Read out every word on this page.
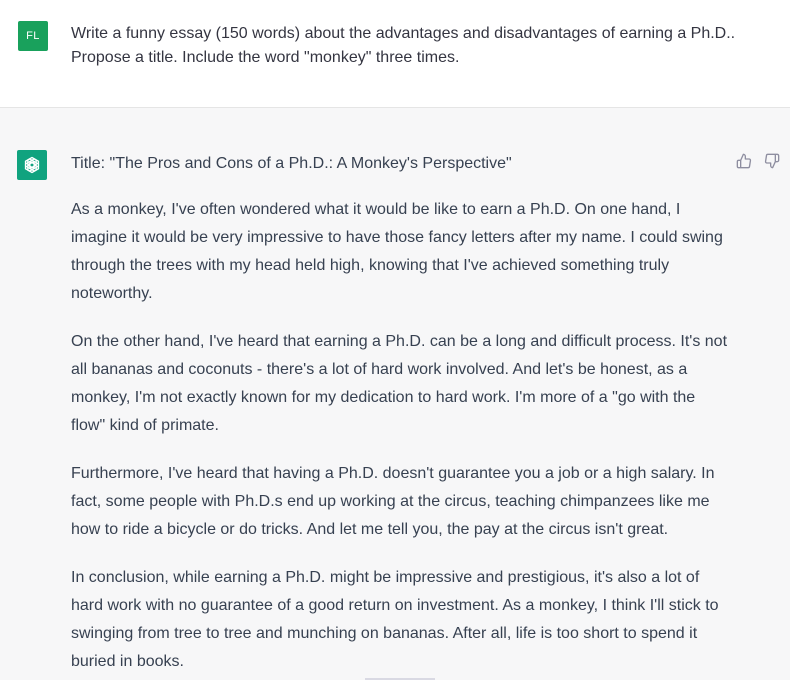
FL Write a funny essay (150 words) about the advantages and disadvantages of earning a Ph.D.. Propose a title. Include the word "monkey" three times.

Title: "The Pros and Cons of a Ph.D.: A Monkey's Perspective"

As a monkey, I've often wondered what it would be like to earn a Ph.D. On one hand, I imagine it would be very impressive to have those fancy letters after my name. I could swing through the trees with my head held high, knowing that I've achieved something truly noteworthy.

On the other hand, I've heard that earning a Ph.D. can be a long and difficult process. It's not all bananas and coconuts - there's a lot of hard work involved. And let's be honest, as a monkey, I'm not exactly known for my dedication to hard work. I'm more of a "go with the flow" kind of primate.

Furthermore, I've heard that having a Ph.D. doesn't guarantee you a job or a high salary. In fact, some people with Ph.D.s end up working at the circus, teaching chimpanzees like me how to ride a bicycle or do tricks. And let me tell you, the pay at the circus isn't great.

In conclusion, while earning a Ph.D. might be impressive and prestigious, it's also a lot of hard work with no guarantee of a good return on investment. As a monkey, I think I'll stick to swinging from tree to tree and munching on bananas. After all, life is too short to spend it buried in books.
